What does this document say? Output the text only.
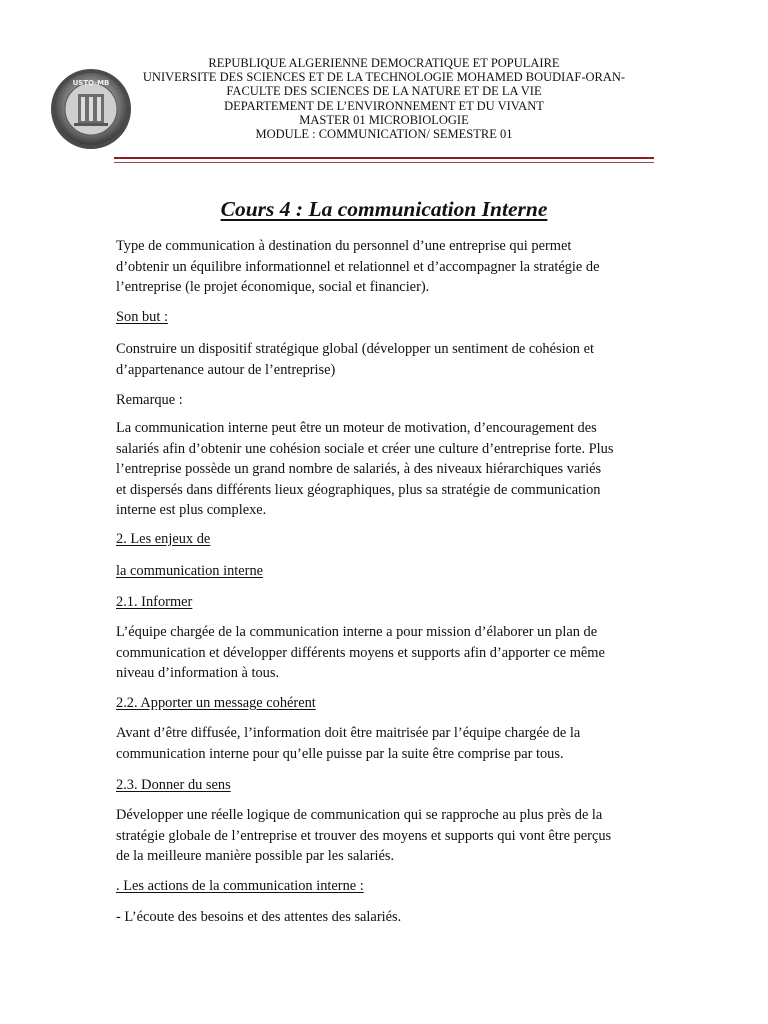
USTO-MB
REPUBLIQUE ALGERIENNE DEMOCRATIQUE ET POPULAIRE
UNIVERSITE DES SCIENCES ET DE LA TECHNOLOGIE MOHAMED BOUDIAF-ORAN-
FACULTE DES SCIENCES DE LA NATURE ET DE LA VIE
DEPARTEMENT DE L’ENVIRONNEMENT ET DU VIVANT
MASTER 01 MICROBIOLOGIE
MODULE : COMMUNICATION/ SEMESTRE 01
Cours 4 : La communication Interne

Type de communication à destination du personnel d’une entreprise qui permet

d’obtenir un équilibre informationnel et relationnel et d’accompagner la stratégie de

l’entreprise (le projet économique, social et financier).

Son but :

Construire un dispositif stratégique global (développer un sentiment de cohésion et

d’appartenance autour de l’entreprise)

Remarque :

La communication interne peut être un moteur de motivation, d’encouragement des

salariés afin d’obtenir une cohésion sociale et créer une culture d’entreprise forte. Plus

l’entreprise possède un grand nombre de salariés, à des niveaux hiérarchiques variés

et dispersés dans différents lieux géographiques, plus sa stratégie de communication

interne est plus complexe.

2. Les enjeux de
la communication interne
2.1. Informer

L’équipe chargée de la communication interne a pour mission d’élaborer un plan de

communication et développer différents moyens et supports afin d’apporter ce même

niveau d’information à tous.

2.2. Apporter un message cohérent

Avant d’être diffusée, l’information doit être maitrisée par l’équipe chargée de la

communication interne pour qu’elle puisse par la suite être comprise par tous.

2.3. Donner du sens

Développer une réelle logique de communication qui se rapproche au plus près de la

stratégie globale de l’entreprise et trouver des moyens et supports qui vont être perçus

de la meilleure manière possible par les salariés.

. Les actions de la communication interne :

- L’écoute des besoins et des attentes des salariés.
